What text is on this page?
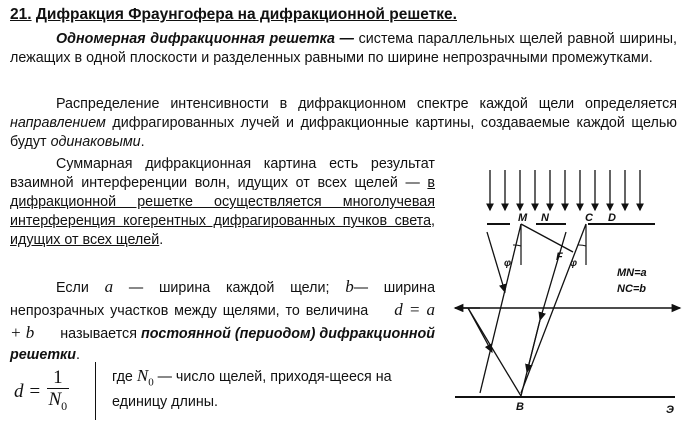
21. Дифракция Фраунгофера на дифракционной решетке.
Одномерная дифракционная решетка — система параллельных щелей равной ширины, лежащих в одной плоскости и разделенных равными по ширине непрозрачными промежутками.
Распределение интенсивности в дифракционном спектре каждой щели определяется направлением дифрагированных лучей и дифракционные картины, создаваемые каждой щелью будут одинаковыми.
Суммарная дифракционная картина есть результат взаимной интерференции волн, идущих от всех щелей — в дифракционной решетке осуществляется многолучевая интерференция когерентных дифрагированных пучков света, идущих от всех щелей.
Если a — ширина каждой щели; b— ширина непрозрачных участков между щелями, то величина d = a + b называется постоянной (периодом) дифракционной решетки.
$d = \frac{1}{N_0}$	где $N_0$ — число щелей, приходя-щееся на единицу длины.
M N	C D
φ	φ
F
B
MN=a
NC=b
Э
